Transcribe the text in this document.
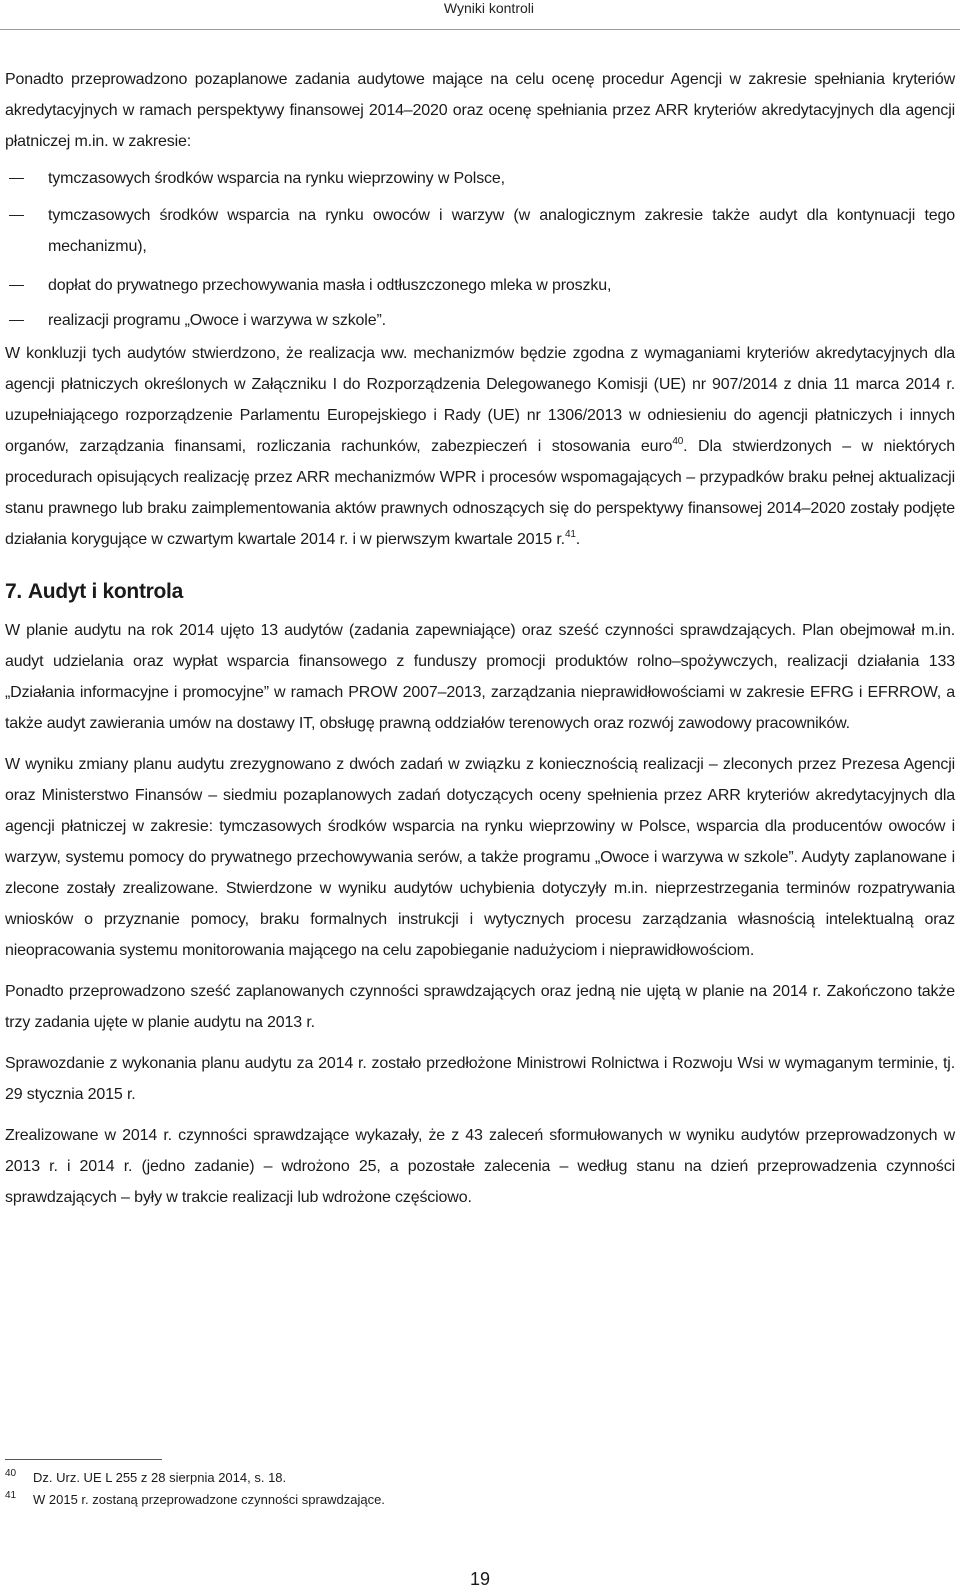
Wyniki kontroli

Ponadto przeprowadzono pozaplanowe zadania audytowe mające na celu ocenę procedur Agencji w zakresie spełniania kryteriów akredytacyjnych w ramach perspektywy finansowej 2014–2020 oraz ocenę spełniania przez ARR kryteriów akredytacyjnych dla agencji płatniczej m.in. w zakresie:

tymczasowych środków wsparcia na rynku wieprzowiny w Polsce,
tymczasowych środków wsparcia na rynku owoców i warzyw (w analogicznym zakresie także audyt dla kontynuacji tego mechanizmu),
dopłat do prywatnego przechowywania masła i odtłuszczonego mleka w proszku,
realizacji programu „Owoce i warzywa w szkole”.

W konkluzji tych audytów stwierdzono, że realizacja ww. mechanizmów będzie zgodna z wymaganiami kryteriów akredytacyjnych dla agencji płatniczych określonych w Załączniku I do Rozporządzenia Delegowanego Komisji (UE) nr 907/2014 z dnia 11 marca 2014 r. uzupełniającego rozporządzenie Parlamentu Europejskiego i Rady (UE) nr 1306/2013 w odniesieniu do agencji płatniczych i innych organów, zarządzania finansami, rozliczania rachunków, zabezpieczeń i stosowania euro$^{40}$. Dla stwierdzonych – w niektórych procedurach opisujących realizację przez ARR mechanizmów WPR i procesów wspomagających – przypadków braku pełnej aktualizacji stanu prawnego lub braku zaimplementowania aktów prawnych odnoszących się do perspektywy finansowej 2014–2020 zostały podjęte działania korygujące w czwartym kwartale 2014 r. i w pierwszym kwartale 2015 r.$^{41}$.

7. Audyt i kontrola

W planie audytu na rok 2014 ujęto 13 audytów (zadania zapewniające) oraz sześć czynności sprawdzających. Plan obejmował m.in. audyt udzielania oraz wypłat wsparcia finansowego z funduszy promocji produktów rolno–spożywczych, realizacji działania 133 „Działania informacyjne i promocyjne” w ramach PROW 2007–2013, zarządzania nieprawidłowościami w zakresie EFRG i EFRROW, a także audyt zawierania umów na dostawy IT, obsługę prawną oddziałów terenowych oraz rozwój zawodowy pracowników.

W wyniku zmiany planu audytu zrezygnowano z dwóch zadań w związku z koniecznością realizacji – zleconych przez Prezesa Agencji oraz Ministerstwo Finansów – siedmiu pozaplanowych zadań dotyczących oceny spełnienia przez ARR kryteriów akredytacyjnych dla agencji płatniczej w zakresie: tymczasowych środków wsparcia na rynku wieprzowiny w Polsce, wsparcia dla producentów owoców i warzyw, systemu pomocy do prywatnego przechowywania serów, a także programu „Owoce i warzywa w szkole”. Audyty zaplanowane i zlecone zostały zrealizowane. Stwierdzone w wyniku audytów uchybienia dotyczyły m.in. nieprzestrzegania terminów rozpatrywania wniosków o przyznanie pomocy, braku formalnych instrukcji i wytycznych procesu zarządzania własnością intelektualną oraz nieopracowania systemu monitorowania mającego na celu zapobieganie nadużyciom i nieprawidłowościom.

Ponadto przeprowadzono sześć zaplanowanych czynności sprawdzających oraz jedną nie ujętą w planie na 2014 r. Zakończono także trzy zadania ujęte w planie audytu na 2013 r.

Sprawozdanie z wykonania planu audytu za 2014 r. zostało przedłożone Ministrowi Rolnictwa i Rozwoju Wsi w wymaganym terminie, tj. 29 stycznia 2015 r.

Zrealizowane w 2014 r. czynności sprawdzające wykazały, że z 43 zaleceń sformułowanych w wyniku audytów przeprowadzonych w 2013 r. i 2014 r. (jedno zadanie) – wdrożono 25, a pozostałe zalecenia – według stanu na dzień przeprowadzenia czynności sprawdzających – były w trakcie realizacji lub wdrożone częściowo.

40 Dz. Urz. UE L 255 z 28 sierpnia 2014, s. 18.
41 W 2015 r. zostaną przeprowadzone czynności sprawdzające.
19
